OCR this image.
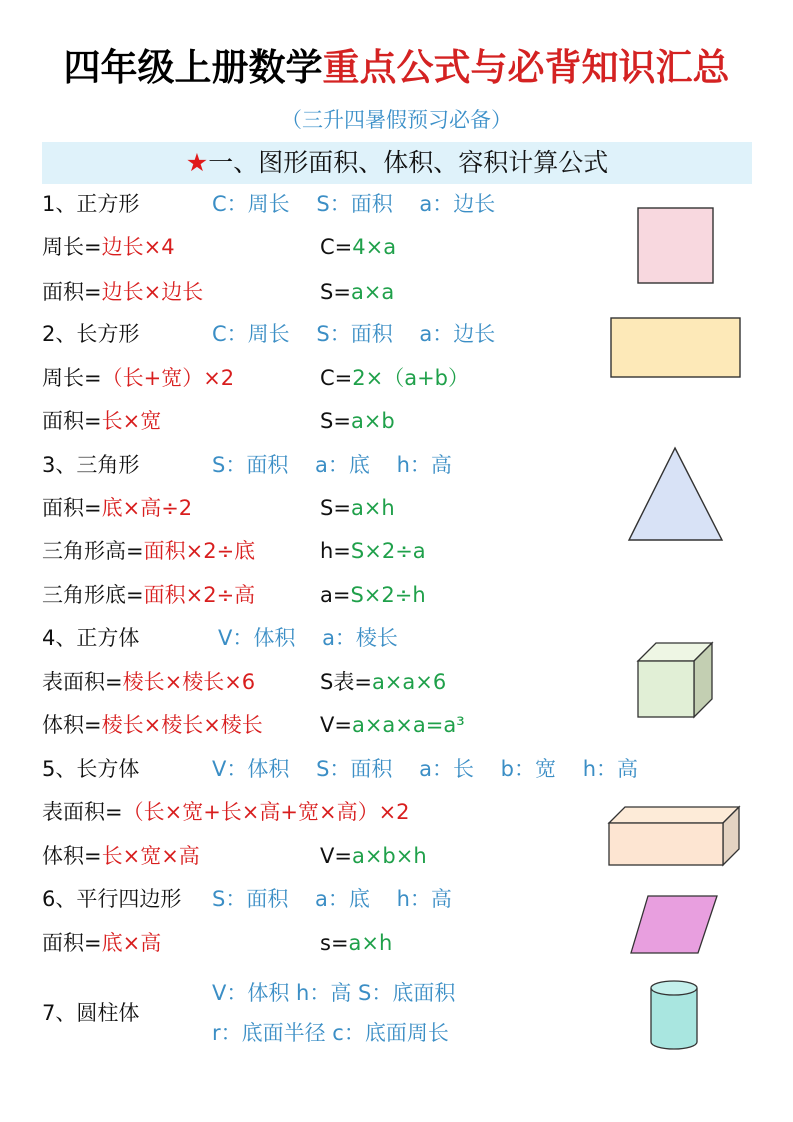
四年级上册数学重点公式与必背知识汇总
（三升四暑假预习必备）
★一、图形面积、体积、容积计算公式
1、正方形	C：周长    S：面积    a：边长
周长=边长×4	C=4×a
面积=边长×边长	S=a×a
2、长方形	C：周长    S：面积    a：边长
周长=（长+宽）×2	C=2×（a+b）
面积=长×宽	S=a×b
3、三角形	S：面积    a：底    h：高
面积=底×高÷2	S=a×h
三角形高=面积×2÷底	h=S×2÷a
三角形底=面积×2÷高	a=S×2÷h
4、正方体	V：体积    a：棱长
表面积=棱长×棱长×6	S表=a×a×6
体积=棱长×棱长×棱长	V=a×a×a=a³
5、长方体	V：体积    S：面积    a：长    b：宽    h：高
表面积=（长×宽+长×高+宽×高）×2
体积=长×宽×高	V=a×b×h
6、平行四边形 S：面积    a：底    h：高
面积=底×高	s=a×h
7、圆柱体
V：体积 h：高 S：底面积
r：底面半径 c：底面周长
